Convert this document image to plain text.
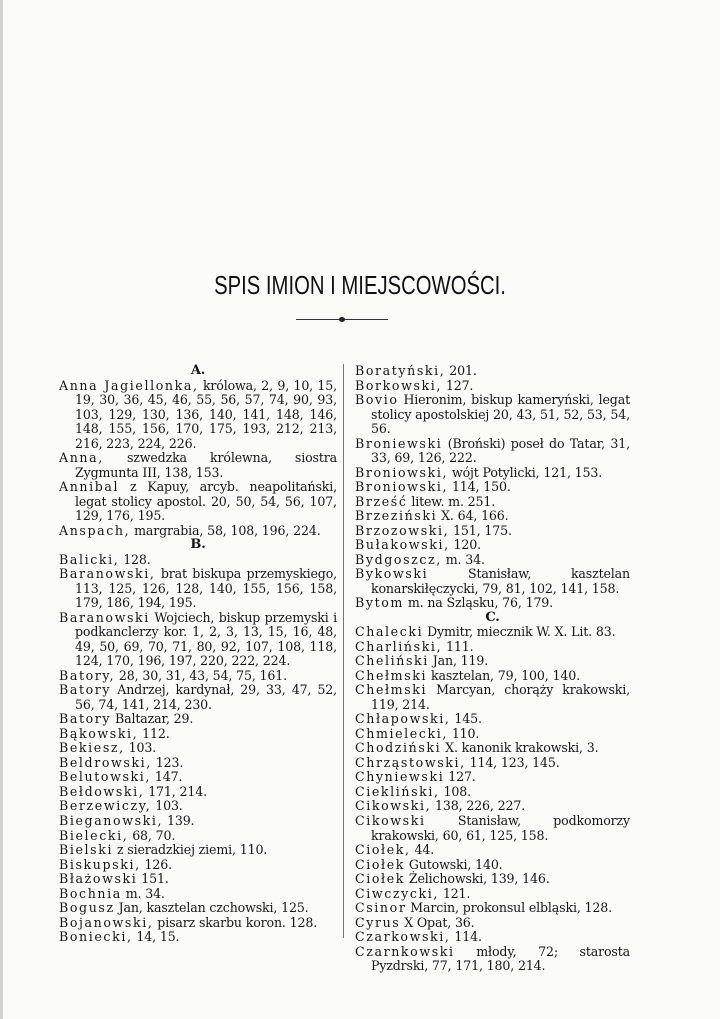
SPIS IMION I MIEJSCOWOŚCI.
A.
Anna Jagiellonka, królowa, 2, 9, 10, 15, 19, 30, 36, 45, 46, 55, 56, 57, 74, 90, 93, 103, 129, 130, 136, 140, 141, 148, 146, 148, 155, 156, 170, 175, 193, 212, 213, 216, 223, 224, 226.
Anna, szwedzka królewna, siostra Zygmunta III, 138, 153.
Annibal z Kapuy, arcyb. neapolitański, legat stolicy apostol. 20, 50, 54, 56, 107, 129, 176, 195.
Anspach, margrabia, 58, 108, 196, 224.
B.
Balicki, 128.
Baranowski, brat biskupa przemyskiego, 113, 125, 126, 128, 140, 155, 156, 158, 179, 186, 194, 195.
Baranowski Wojciech, biskup przemyski i podkanclerzy kor. 1, 2, 3, 13, 15, 16, 48, 49, 50, 69, 70, 71, 80, 92, 107, 108, 118, 124, 170, 196, 197, 220, 222, 224.
Batory, 28, 30, 31, 43, 54, 75, 161.
Batory Andrzej, kardynał, 29, 33, 47, 52, 56, 74, 141, 214, 230.
Batory Baltazar, 29.
Bąkowski, 112.
Bekiesz, 103.
Beldrowski, 123.
Belutowski, 147.
Bełdowski, 171, 214.
Berzewiczy, 103.
Bieganowski, 139.
Bielecki, 68, 70.
Bielski z sieradzkiej ziemi, 110.
Biskupski, 126.
Błażowski 151.
Bochnia m. 34.
Bogusz Jan, kasztelan czchowski, 125.
Bojanowski, pisarz skarbu koron. 128.
Boniecki, 14, 15.
Boratyński, 201.
Borkowski, 127.
Bovio Hieronim, biskup kameryński, legat stolicy apostolskiej 20, 43, 51, 52, 53, 54, 56.
Broniewski (Broński) poseł do Tatar, 31, 33, 69, 126, 222.
Broniowski, wójt Potylicki, 121, 153.
Broniowski, 114, 150.
Brześć litew. m. 251.
Brzeziński X. 64, 166.
Brzozowski, 151, 175.
Bułakowski, 120.
Bydgoszcz, m. 34.
Bykowski Stanisław, kasztelan konarskiłęczycki, 79, 81, 102, 141, 158.
Bytom m. na Szląsku, 76, 179.
C.
Chalecki Dymitr, miecznik W. X. Lit. 83.
Charliński, 111.
Cheliński Jan, 119.
Chełmski kasztelan, 79, 100, 140.
Chełmski Marcyan, chorąży krakowski, 119, 214.
Chłapowski, 145.
Chmielecki, 110.
Chodziński X. kanonik krakowski, 3.
Chrząstowski, 114, 123, 145.
Chyniewski 127.
Ciekliński, 108.
Cikowski, 138, 226, 227.
Cikowski Stanisław, podkomorzy krakowski, 60, 61, 125, 158.
Ciołek, 44.
Ciołek Gutowski, 140.
Ciołek Żelichowski, 139, 146.
Ciwczycki, 121.
Csinor Marcin, prokonsul elbląski, 128.
Cyrus X Opat, 36.
Czarkowski, 114.
Czarnkowski młody, 72; starosta Pyzdrski, 77, 171, 180, 214.
